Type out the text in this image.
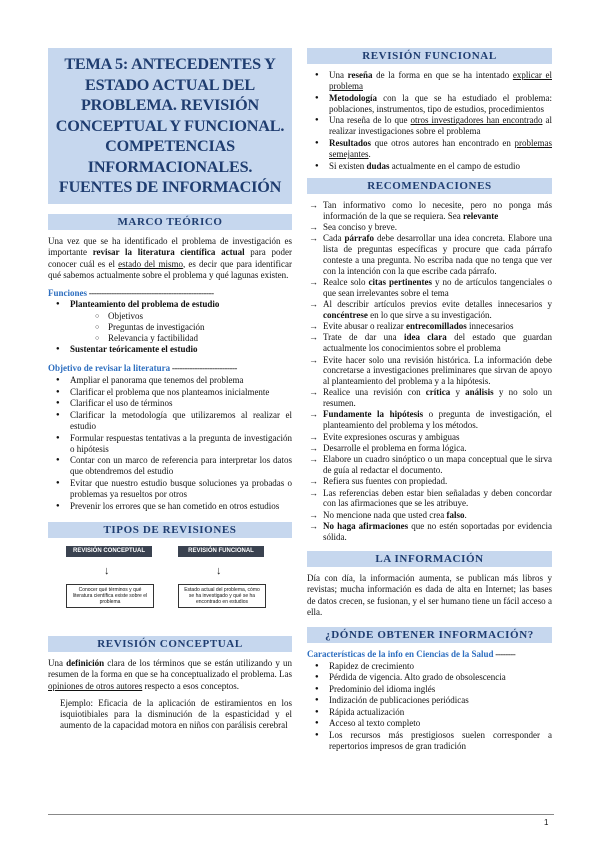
TEMA 5: ANTECEDENTES Y ESTADO ACTUAL DEL PROBLEMA. REVISIÓN CONCEPTUAL Y FUNCIONAL. COMPETENCIAS INFORMACIONALES. FUENTES DE INFORMACIÓN
MARCO TEÓRICO

Una vez que se ha identificado el problema de investigación es importante revisar la literatura científica actual para poder conocer cuál es el estado del mismo, es decir que para identificar qué sabemos actualmente sobre el problema y qué lagunas existen.

Funciones --------------------------------------------------
● Planteamiento del problema de estudio
○ Objetivos
○ Preguntas de investigación
○ Relevancia y factibilidad
● Sustentar teóricamente el estudio
Objetivo de revisar la literatura --------------------------
● Ampliar el panorama que tenemos del problema
● Clarificar el problema que nos planteamos inicialmente
● Clarificar el uso de términos
● Clarificar la metodología que utilizaremos al realizar el estudio
● Formular respuestas tentativas a la pregunta de investigación o hipótesis
● Contar con un marco de referencia para interpretar los datos que obtendremos del estudio
● Evitar que nuestro estudio busque soluciones ya probadas o problemas ya resueltos por otros
● Prevenir los errores que se han cometido en otros estudios
TIPOS DE REVISIONES
REVISIÓN CONCEPTUAL	REVISIÓN FUNCIONAL
↓	↓
Conocer qué términos y qué literatura científica existe sobre el problema
Estado actual del problema, cómo se ha investigado y qué se ha encontrado en estudios
REVISIÓN CONCEPTUAL

Una definición clara de los términos que se están utilizando y un resumen de la forma en que se ha conceptualizado el problema. Las opiniones de otros autores respecto a esos conceptos.

Ejemplo: Eficacia de la aplicación de estiramientos en los isquiotibiales para la disminución de la espasticidad y el aumento de la capacidad motora en niños con parálisis cerebral
REVISIÓN FUNCIONAL
● Una reseña de la forma en que se ha intentado explicar el problema
● Metodología con la que se ha estudiado el problema: poblaciones, instrumentos, tipo de estudios, procedimientos
● Una reseña de lo que otros investigadores han encontrado al realizar investigaciones sobre el problema
● Resultados que otros autores han encontrado en problemas semejantes.
● Si existen dudas actualmente en el campo de estudio
RECOMENDACIONES
→ Tan informativo como lo necesite, pero no ponga más información de la que se requiera. Sea relevante
→ Sea conciso y breve.
→ Cada párrafo debe desarrollar una idea concreta. Elabore una lista de preguntas específicas y procure que cada párrafo conteste a una pregunta. No escriba nada que no tenga que ver con la intención con la que escribe cada párrafo.
→ Realce solo citas pertinentes y no de artículos tangenciales o que sean irrelevantes sobre el tema
→ Al describir artículos previos evite detalles innecesarios y concéntrese en lo que sirve a su investigación.
→ Evite abusar o realizar entrecomillados innecesarios
→ Trate de dar una idea clara del estado que guardan actualmente los conocimientos sobre el problema
→ Evite hacer solo una revisión histórica. La información debe concretarse a investigaciones preliminares que sirvan de apoyo al planteamiento del problema y a la hipótesis.
→ Realice una revisión con crítica y análisis y no solo un resumen.
→ Fundamente la hipótesis o pregunta de investigación, el planteamiento del problema y los métodos.
→ Evite expresiones oscuras y ambiguas
→ Desarrolle el problema en forma lógica.
→ Elabore un cuadro sinóptico o un mapa conceptual que le sirva de guía al redactar el documento.
→ Refiera sus fuentes con propiedad.
→ Las referencias deben estar bien señaladas y deben concordar con las afirmaciones que se les atribuye.
→ No mencione nada que usted crea falso.
→ No haga afirmaciones que no estén soportadas por evidencia sólida.
LA INFORMACIÓN

Día con día, la información aumenta, se publican más libros y revistas; mucha información es dada de alta en Internet; las bases de datos crecen, se fusionan, y el ser humano tiene un fácil acceso a ella.

¿DÓNDE OBTENER INFORMACIÓN?
Características de la info en Ciencias de la Salud --------
● Rapidez de crecimiento
● Pérdida de vigencia. Alto grado de obsolescencia
● Predominio del idioma inglés
● Indización de publicaciones periódicas
● Rápida actualización
● Acceso al texto completo
● Los recursos más prestigiosos suelen corresponder a repertorios impresos de gran tradición
1
